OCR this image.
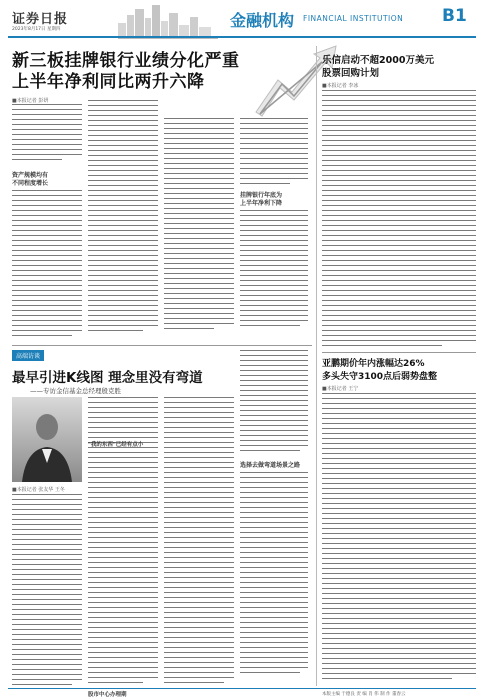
证券日报
2023年8月17日 星期四	金融机构 FINANCIAL INSTITUTION B1
新三板挂牌银行业绩分化严重
上半年净利同比两升六降
■本报记者 彭妍
资产规模均有
不同程度增长
挂牌银行年底为
上半年净利下降
高端访谈
最早引进K线图 理念里没有弯道
——专访金信基金总经理殷克胜
■本报记者 张友华 王冬
选择去做弯道场景之路
"我的东西"已经有点小
股市中心办理期
乐信启动不超2000万美元
股票回购计划
■本报记者 李冰
亚鹏期价年内涨幅达26%
多头失守3100点后弱势盘整
■本报记者 王宁
本版主编 于德良 责 编 肖 伟 制 作 董春云
